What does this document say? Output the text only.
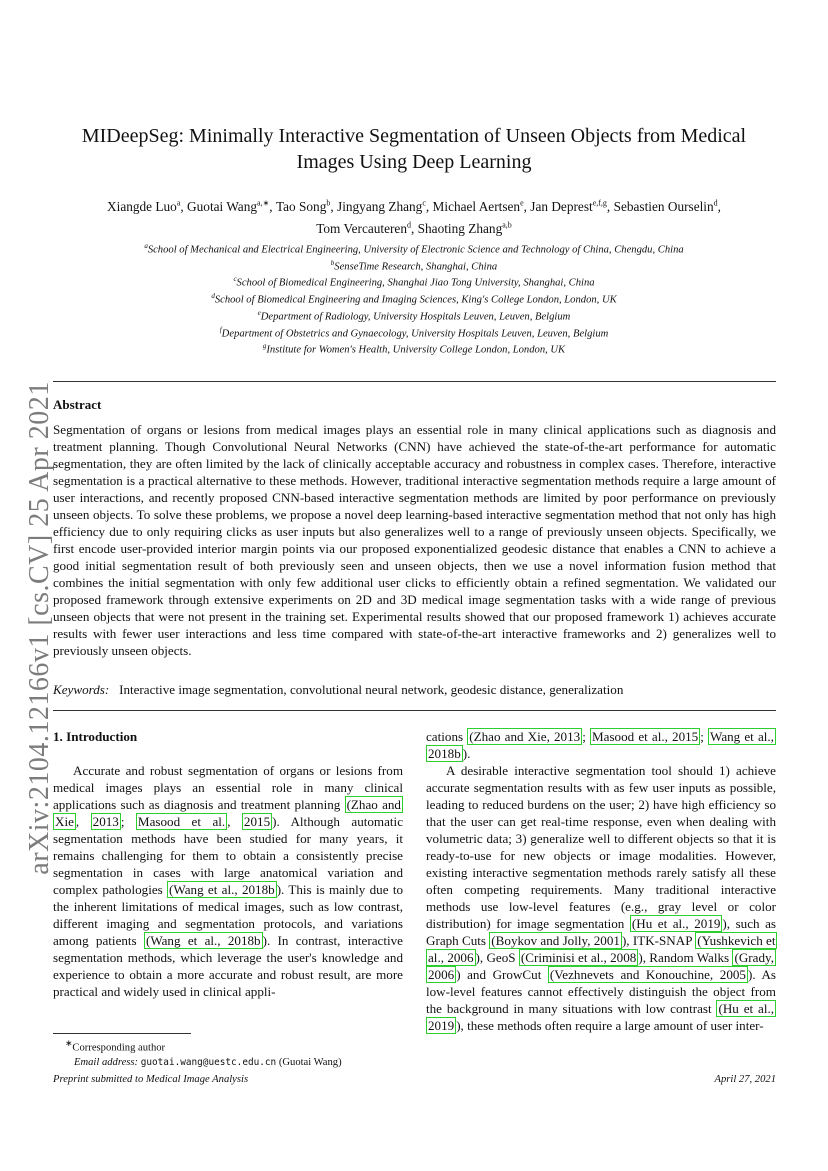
arXiv:2104.12166v1 [cs.CV] 25 Apr 2021
MIDeepSeg: Minimally Interactive Segmentation of Unseen Objects from Medical
Images Using Deep Learning
Xiangde Luo$^a$, Guotai Wang$^{a,∗}$, Tao Song$^b$, Jingyang Zhang$^c$, Michael Aertsen$^e$, Jan Deprest$^{e,f,g}$, Sebastien Ourselin$^d$,
Tom Vercauteren$^d$, Shaoting Zhang$^{a,b}$
$^a$School of Mechanical and Electrical Engineering, University of Electronic Science and Technology of China, Chengdu, China
$^b$SenseTime Research, Shanghai, China
$^c$School of Biomedical Engineering, Shanghai Jiao Tong University, Shanghai, China
$^d$School of Biomedical Engineering and Imaging Sciences, King's College London, London, UK
$^e$Department of Radiology, University Hospitals Leuven, Leuven, Belgium
$^f$Department of Obstetrics and Gynaecology, University Hospitals Leuven, Leuven, Belgium
$^g$Institute for Women's Health, University College London, London, UK
Abstract
Segmentation of organs or lesions from medical images plays an essential role in many clinical applications such as diagnosis and treatment planning. Though Convolutional Neural Networks (CNN) have achieved the state-of-the-art performance for automatic segmentation, they are often limited by the lack of clinically acceptable accuracy and robustness in complex cases. Therefore, interactive segmentation is a practical alternative to these methods. However, traditional interactive segmentation methods require a large amount of user interactions, and recently proposed CNN-based interactive segmentation methods are limited by poor performance on previously unseen objects. To solve these problems, we propose a novel deep learning-based interactive segmentation method that not only has high efficiency due to only requiring clicks as user inputs but also generalizes well to a range of previously unseen objects. Specifically, we first encode user-provided interior margin points via our proposed exponentialized geodesic distance that enables a CNN to achieve a good initial segmentation result of both previously seen and unseen objects, then we use a novel information fusion method that combines the initial segmentation with only few additional user clicks to efficiently obtain a refined segmentation. We validated our proposed framework through extensive experiments on 2D and 3D medical image segmentation tasks with a wide range of previous unseen objects that were not present in the training set. Experimental results showed that our proposed framework 1) achieves accurate results with fewer user interactions and less time compared with state-of-the-art interactive frameworks and 2) generalizes well to previously unseen objects.
Keywords: Interactive image segmentation, convolutional neural network, geodesic distance, generalization
1. Introduction

Accurate and robust segmentation of organs or lesions from medical images plays an essential role in many clinical applications such as diagnosis and treatment planning (Zhao and Xie , 2013 ; Masood et al. , 2015 ). Although automatic segmentation methods have been studied for many years, it remains challenging for them to obtain a consistently precise segmentation in cases with large anatomical variation and complex pathologies (Wang et al., 2018b ). This is mainly due to the inherent limitations of medical images, such as low contrast, different imaging and segmentation protocols, and variations among patients (Wang et al., 2018b ). In contrast, interactive segmentation methods, which leverage the user's knowledge and experience to obtain a more accurate and robust result, are more practical and widely used in clinical appli-

cations (Zhao and Xie, 2013 ; Masood et al., 2015 ; Wang et al., 2018b ).

A desirable interactive segmentation tool should 1) achieve accurate segmentation results with as few user inputs as possible, leading to reduced burdens on the user; 2) have high efficiency so that the user can get real-time response, even when dealing with volumetric data; 3) generalize well to different objects so that it is ready-to-use for new objects or image modalities. However, existing interactive segmentation methods rarely satisfy all these often competing requirements. Many traditional interactive methods use low-level features (e.g., gray level or color distribution) for image segmentation (Hu et al., 2019 ), such as Graph Cuts (Boykov and Jolly, 2001 ), ITK-SNAP (Yushkevich et al., 2006 ), GeoS (Criminisi et al., 2008 ), Random Walks (Grady, 2006 ) and GrowCut (Vezhnevets and Konouchine, 2005 ). As low-level features cannot effectively distinguish the object from the background in many situations with low contrast (Hu et al., 2019 ), these methods often require a large amount of user inter-

∗Corresponding author
Email address: guotai.wang@uestc.edu.cn (Guotai Wang)
Preprint submitted to Medical Image Analysis	April 27, 2021
